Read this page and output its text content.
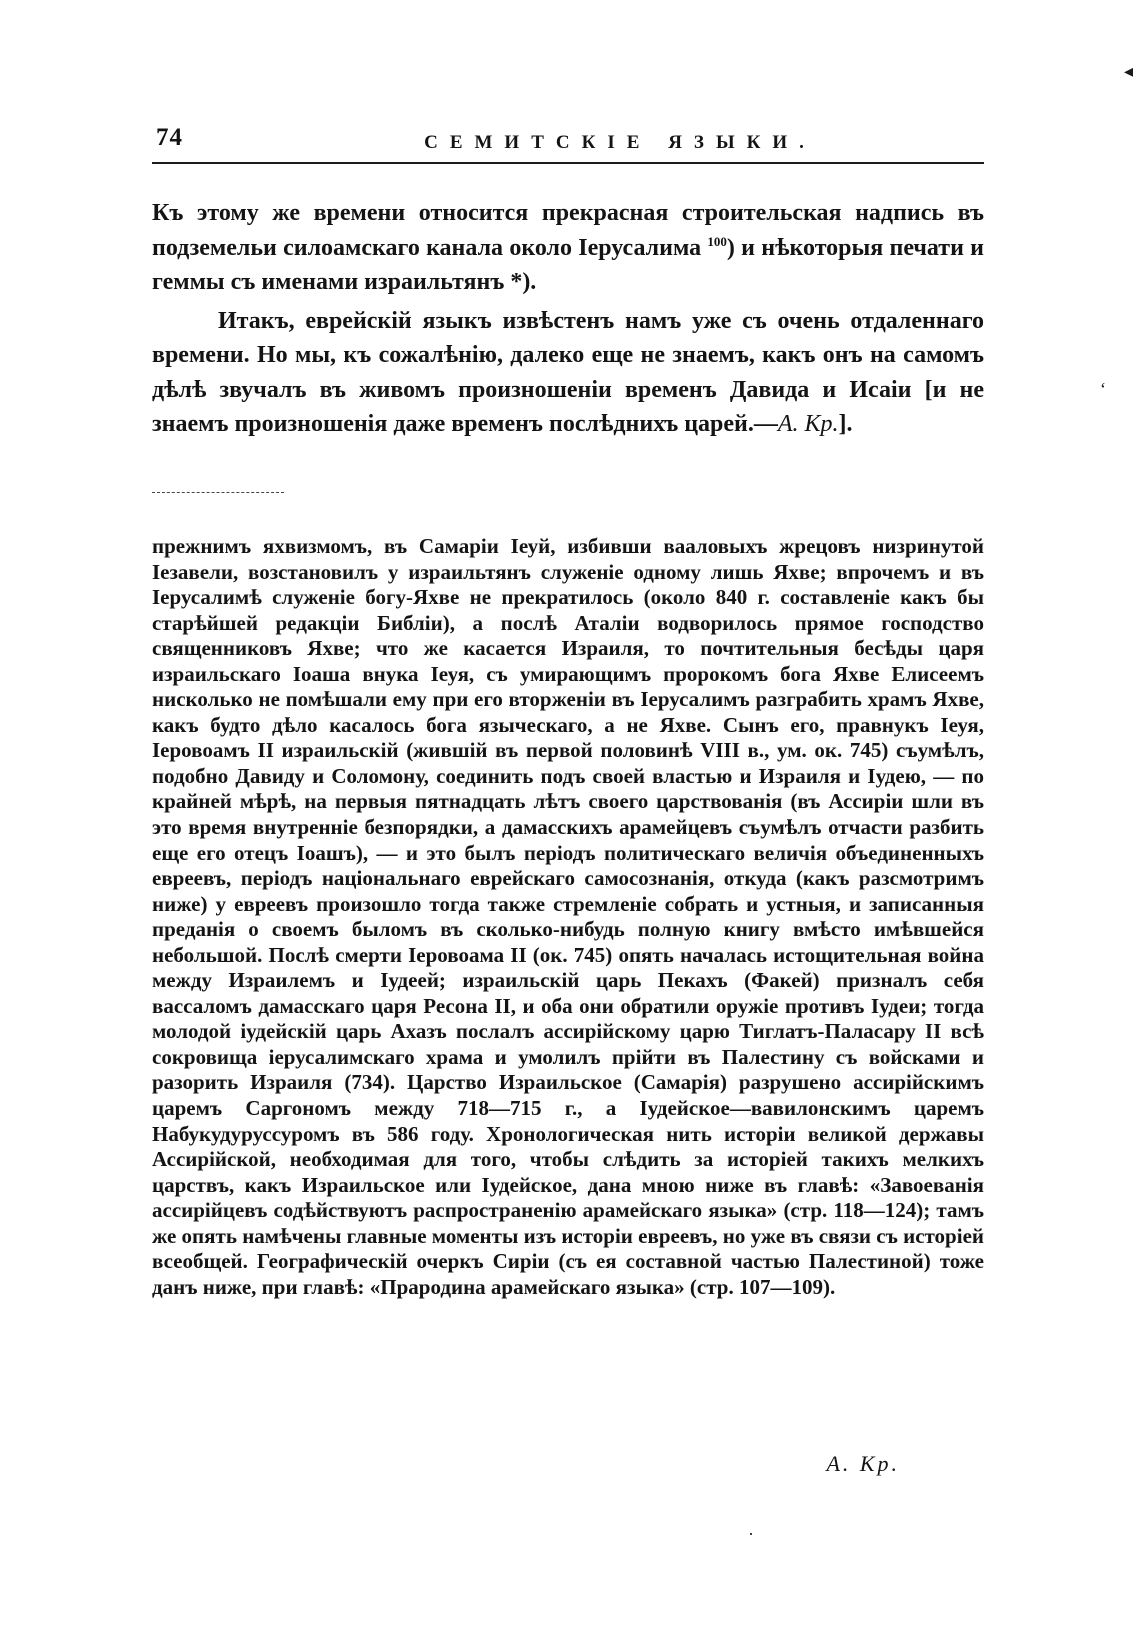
74	СЕМИТСКIЕ ЯЗЫКИ.

Къ этому же времени относится прекрасная строительская надпись въ подземельи силоамскаго канала около Iерусалима $^{100}$) и нѣкоторыя печати и геммы съ именами израильтянъ *).

Итакъ, еврейскiй языкъ извѣстенъ намъ уже съ очень отдаленнаго времени. Но мы, къ сожалѣнiю, далеко еще не знаемъ, какъ онъ на самомъ дѣлѣ звучалъ въ живомъ произношенiи временъ Давида и Исаiи [и не знаемъ произношенiя даже временъ послѣднихъ царей.—А. Кр.].

прежнимъ яхвизмомъ, въ Самарiи Iеуй, избивши вааловыхъ жрецовъ низринутой Iезавели, возстановилъ у израильтянъ служенiе одному лишь Яхве; впрочемъ и въ Iерусалимѣ служенiе богу-Яхве не прекратилось (около 840 г. составленiе какъ бы старѣйшей редакцiи Библiи), а послѣ Аталiи водворилось прямое господство священниковъ Яхве; что же касается Израиля, то почтительныя бесѣды царя израильскаго Iоаша внука Iеуя, съ умирающимъ пророкомъ бога Яхве Елисеемъ нисколько не помѣшали ему при его вторженiи въ Iерусалимъ разграбить храмъ Яхве, какъ будто дѣло касалось бога языческаго, а не Яхве. Сынъ его, правнукъ Iеуя, Iеровоамъ II израильскiй (жившiй въ первой половинѣ VIII в., ум. ок. 745) съумѣлъ, подобно Давиду и Соломону, соединить подъ своей властью и Израиля и Iудею, — по крайней мѣрѣ, на первыя пятнадцать лѣтъ своего царствованiя (въ Ассирiи шли въ это время внутреннiе безпорядки, а дамасскихъ арамейцевъ съумѣлъ отчасти разбить еще его отецъ Iоашъ), — и это былъ перiодъ политическаго величiя объединенныхъ евреевъ, перiодъ нацiональнаго еврейскаго самосознанiя, откуда (какъ разсмотримъ ниже) у евреевъ произошло тогда также стремленiе собрать и устныя, и записанныя преданiя о своемъ быломъ въ сколько-нибудь полную книгу вмѣсто имѣвшейся небольшой. Послѣ смерти Iеровоама II (ок. 745) опять началась истощительная война между Израилемъ и Iудеей; израильскiй царь Пекахъ (Факей) призналъ себя вассаломъ дамасскаго царя Ресона II, и оба они обратили оружiе противъ Iудеи; тогда молодой iудейскiй царь Ахазъ послалъ ассирiйскому царю Тиглатъ-Паласару II всѣ сокровища iерусалимскаго храма и умолилъ прiйти въ Палестину съ войсками и разорить Израиля (734). Царство Израильское (Самарiя) разрушено ассирiйскимъ царемъ Саргономъ между 718—715 г., а Iудейское—вавилонскимъ царемъ Набукудуруссуромъ въ 586 году. Хронологическая нить исторiи великой державы Ассирiйской, необходимая для того, чтобы слѣдить за исторiей такихъ мелкихъ царствъ, какъ Израильское или Iудейское, дана мною ниже въ главѣ: «Завоеванiя ассирiйцевъ содѣйствуютъ распространенiю арамейскаго языка» (стр. 118—124); тамъ же опять намѣчены главные моменты изъ исторiи евреевъ, но уже въ связи съ исторiей всеобщей. Географическiй очеркъ Сирiи (съ ея составной частью Палестиной) тоже данъ ниже, при главѣ: «Прародина арамейскаго языка» (стр. 107—109).

А. Кр.
◂
ʻ
·
